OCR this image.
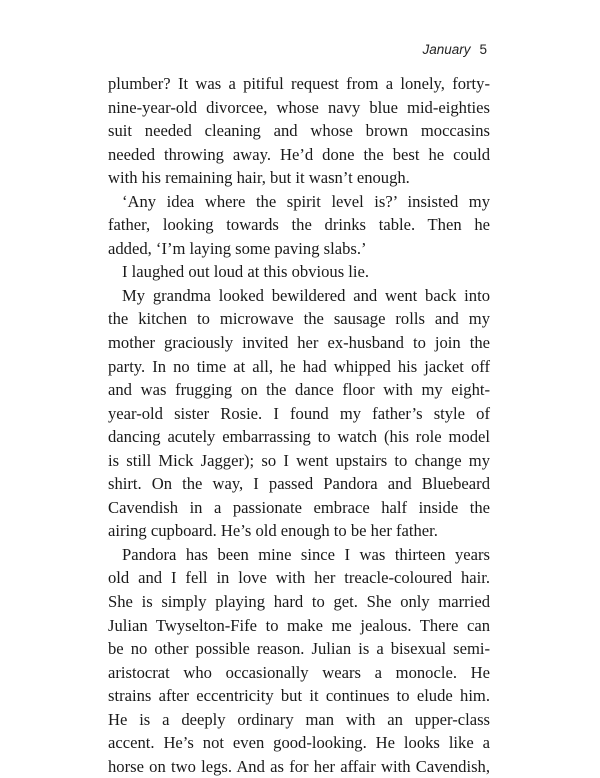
January 5
plumber? It was a pitiful request from a lonely, forty-
nine-year-old divorcee, whose navy blue mid-eighties
suit needed cleaning and whose brown moccasins
needed throwing away. He’d done the best he could
with his remaining hair, but it wasn’t enough.
‘Any idea where the spirit level is?’ insisted my
father, looking towards the drinks table. Then he
added, ‘I’m laying some paving slabs.’
I laughed out loud at this obvious lie.
My grandma looked bewildered and went back into
the kitchen to microwave the sausage rolls and my
mother graciously invited her ex-husband to join the
party. In no time at all, he had whipped his jacket off
and was frugging on the dance floor with my eight-
year-old sister Rosie. I found my father’s style of
dancing acutely embarrassing to watch (his role model
is still Mick Jagger); so I went upstairs to change my
shirt. On the way, I passed Pandora and Bluebeard
Cavendish in a passionate embrace half inside the
airing cupboard. He’s old enough to be her father.
Pandora has been mine since I was thirteen years
old and I fell in love with her treacle-coloured hair.
She is simply playing hard to get. She only married
Julian Twyselton-Fife to make me jealous. There can
be no other possible reason. Julian is a bisexual semi-
aristocrat who occasionally wears a monocle. He
strains after eccentricity but it continues to elude him.
He is a deeply ordinary man with an upper-class
accent. He’s not even good-looking. He looks like a
horse on two legs. And as for her affair with Cavendish,
